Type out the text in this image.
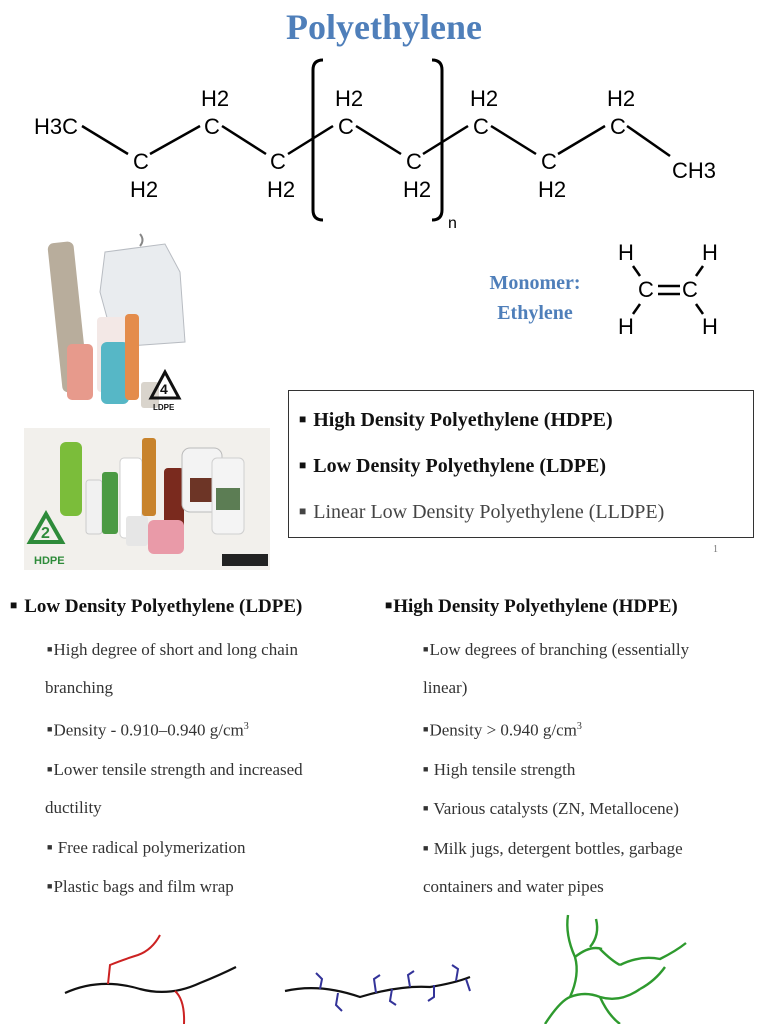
Polyethylene
H3C
C
H2
C
H2
C
H2
C
H2
C
H2
C
H2
C
H2
C
H2
CH3
n
4
LDPE
2
HDPE
Monomer:
Ethylene
H	H
H	H
C C
■ High Density Polyethylene (HDPE)
■ Low Density Polyethylene (LDPE)
■ Linear Low Density Polyethylene (LLDPE)
1
■ Low Density Polyethylene (LDPE)	■High Density Polyethylene (HDPE)
■High degree of short and long chain
branching
■Density - 0.910–0.940 $g/cm^3$
■Lower tensile strength and increased
ductility
■ Free radical polymerization
■Plastic bags and film wrap
■Low degrees of branching (essentially
linear)
■Density > 0.940 $g/cm^3$
■ High tensile strength
■ Various catalysts (ZN, Metallocene)
■ Milk jugs, detergent bottles, garbage
containers and water pipes
